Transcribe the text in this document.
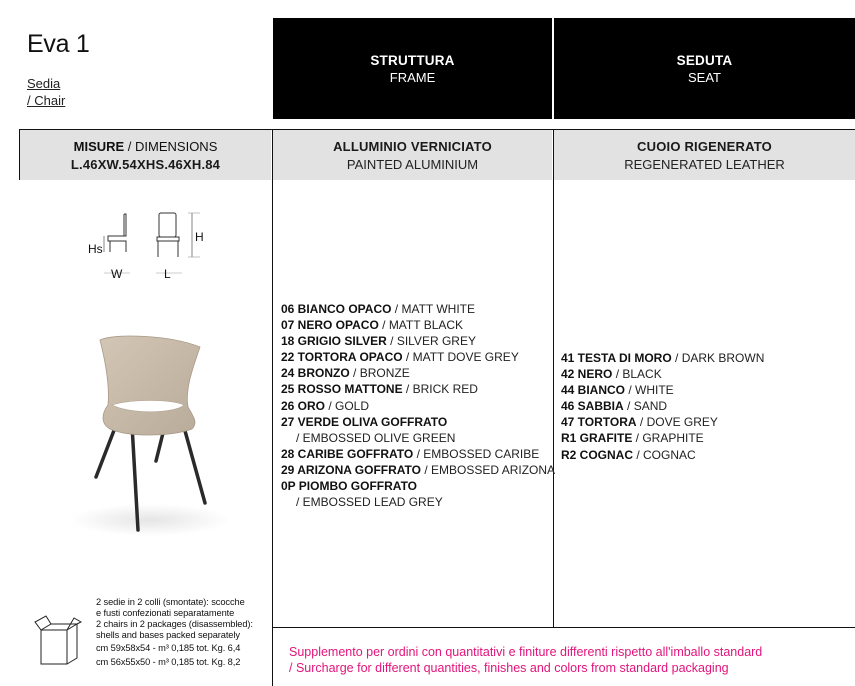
Eva 1
Sedia
/ Chair
STRUTTURA
FRAME
SEDUTA
SEAT
MISURE / DIMENSIONS
L.46XW.54XHS.46XH.84
ALLUMINIO VERNICIATO
PAINTED ALUMINIUM
CUOIO RIGENERATO
REGENERATED LEATHER
Hs
W
H
L
06 BIANCO OPACO / MATT WHITE
07 NERO OPACO / MATT BLACK
18 GRIGIO SILVER / SILVER GREY
22 TORTORA OPACO / MATT DOVE GREY
24 BRONZO / BRONZE
25 ROSSO MATTONE / BRICK RED
26 ORO / GOLD
27 VERDE OLIVA GOFFRATO
/ EMBOSSED OLIVE GREEN
28 CARIBE GOFFRATO / EMBOSSED CARIBE
29 ARIZONA GOFFRATO / EMBOSSED ARIZONA
0P PIOMBO GOFFRATO
/ EMBOSSED LEAD GREY
41 TESTA DI MORO / DARK BROWN
42 NERO / BLACK
44 BIANCO / WHITE
46 SABBIA / SAND
47 TORTORA / DOVE GREY
R1 GRAFITE / GRAPHITE
R2 COGNAC / COGNAC
2 sedie in 2 colli (smontate): scocche
e fusti confezionati separatamente
2 chairs in 2 packages (disassembled):
shells and bases packed separately
cm 59x58x54 - m³ 0,185 tot. Kg. 6,4
cm 56x55x50 - m³ 0,185 tot. Kg. 8,2
Supplemento per ordini con quantitativi e finiture differenti rispetto all'imballo standard
/ Surcharge for different quantities, finishes and colors from standard packaging
